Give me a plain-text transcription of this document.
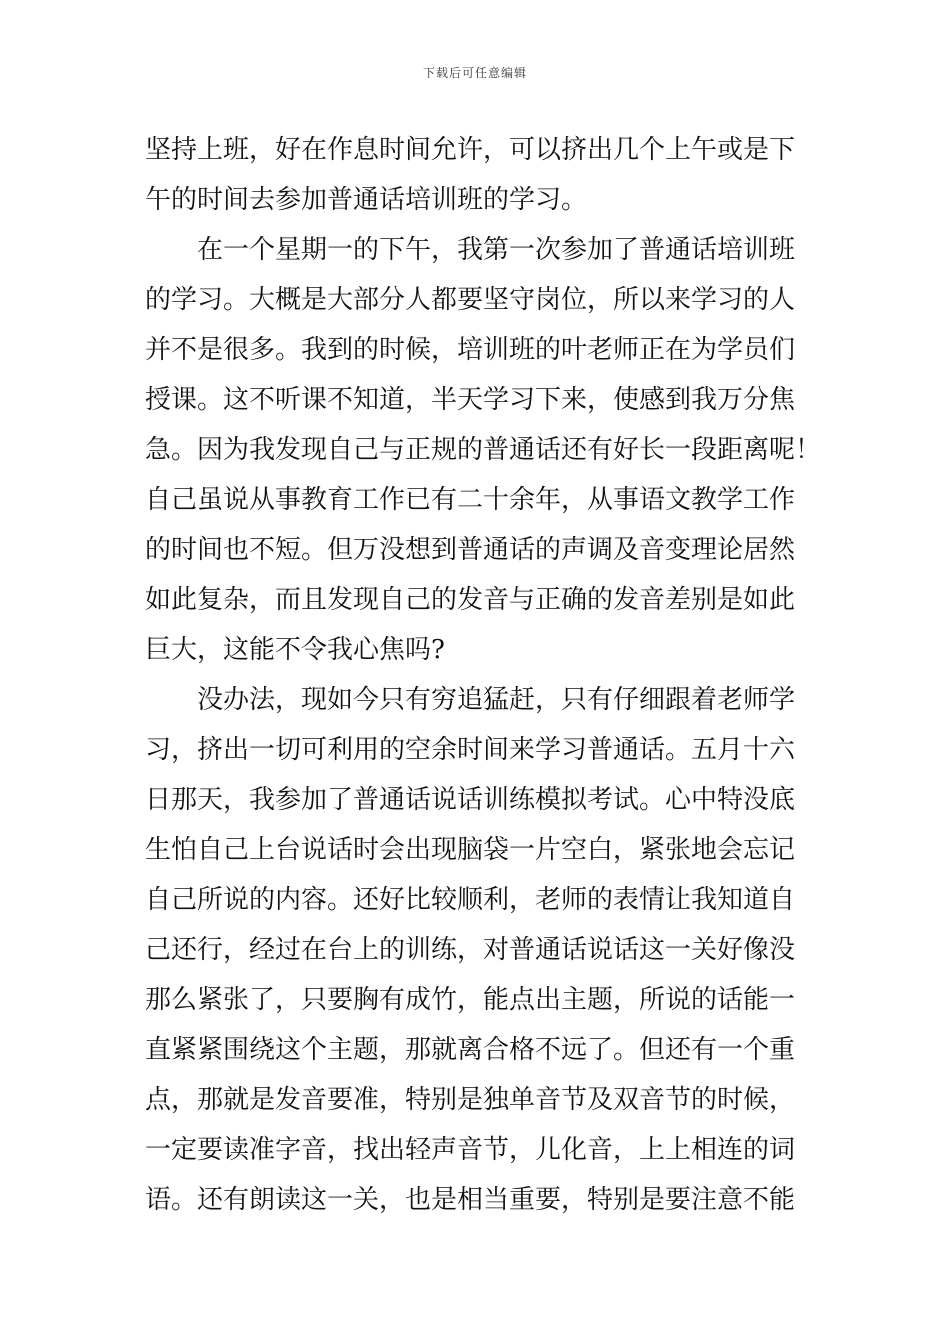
下载后可任意编辑
坚持上班，好在作息时间允许，可以挤出几个上午或是下
午的时间去参加普通话培训班的学习。
在一个星期一的下午，我第一次参加了普通话培训班
的学习。大概是大部分人都要坚守岗位，所以来学习的人
并不是很多。我到的时候，培训班的叶老师正在为学员们
授课。这不听课不知道，半天学习下来，使感到我万分焦
急。因为我发现自己与正规的普通话还有好长一段距离呢！
自己虽说从事教育工作已有二十余年，从事语文教学工作
的时间也不短。但万没想到普通话的声调及音变理论居然
如此复杂，而且发现自己的发音与正确的发音差别是如此
巨大，这能不令我心焦吗?
没办法，现如今只有穷追猛赶，只有仔细跟着老师学
习，挤出一切可利用的空余时间来学习普通话。五月十六
日那天，我参加了普通话说话训练模拟考试。心中特没底
生怕自己上台说话时会出现脑袋一片空白，紧张地会忘记
自己所说的内容。还好比较顺利，老师的表情让我知道自
己还行，经过在台上的训练，对普通话说话这一关好像没
那么紧张了，只要胸有成竹，能点出主题，所说的话能一
直紧紧围绕这个主题，那就离合格不远了。但还有一个重
点，那就是发音要准，特别是独单音节及双音节的时候，
一定要读准字音，找出轻声音节，儿化音，上上相连的词
语。还有朗读这一关，也是相当重要，特别是要注意不能
